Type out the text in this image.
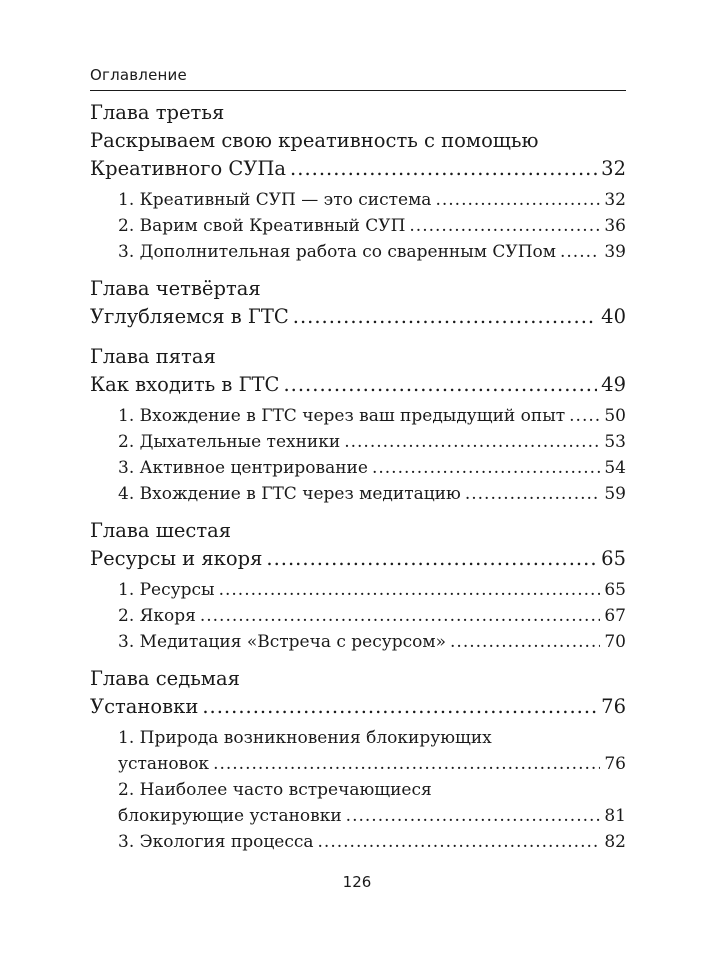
Оглавление
Глава третья
Раскрываем свою креативность с помощью
Креативного СУПа .....	32
1. Креативный СУП — это система .....	32
2. Варим свой Креативный СУП .....	36
3. Дополнительная работа со сваренным СУПом .....	39
Глава четвёртая
Углубляемся в ГТС .....	40
Глава пятая
Как входить в ГТС .....	49
1. Вхождение в ГТС через ваш предыдущий опыт ..... 50
2. Дыхательные техники .....	53
3. Активное центрирование .....	54
4. Вхождение в ГТС через медитацию .....	59
Глава шестая
Ресурсы и якоря .....	65
1. Ресурсы .....	65
2. Якоря .....	67
3. Медитация «Встреча с ресурсом» .....	70
Глава седьмая
Установки .....	76
1. Природа возникновения блокирующих
установок .....	76
2. Наиболее часто встречающиеся
блокирующие установки .....	81
3. Экология процесса .....	82
126
